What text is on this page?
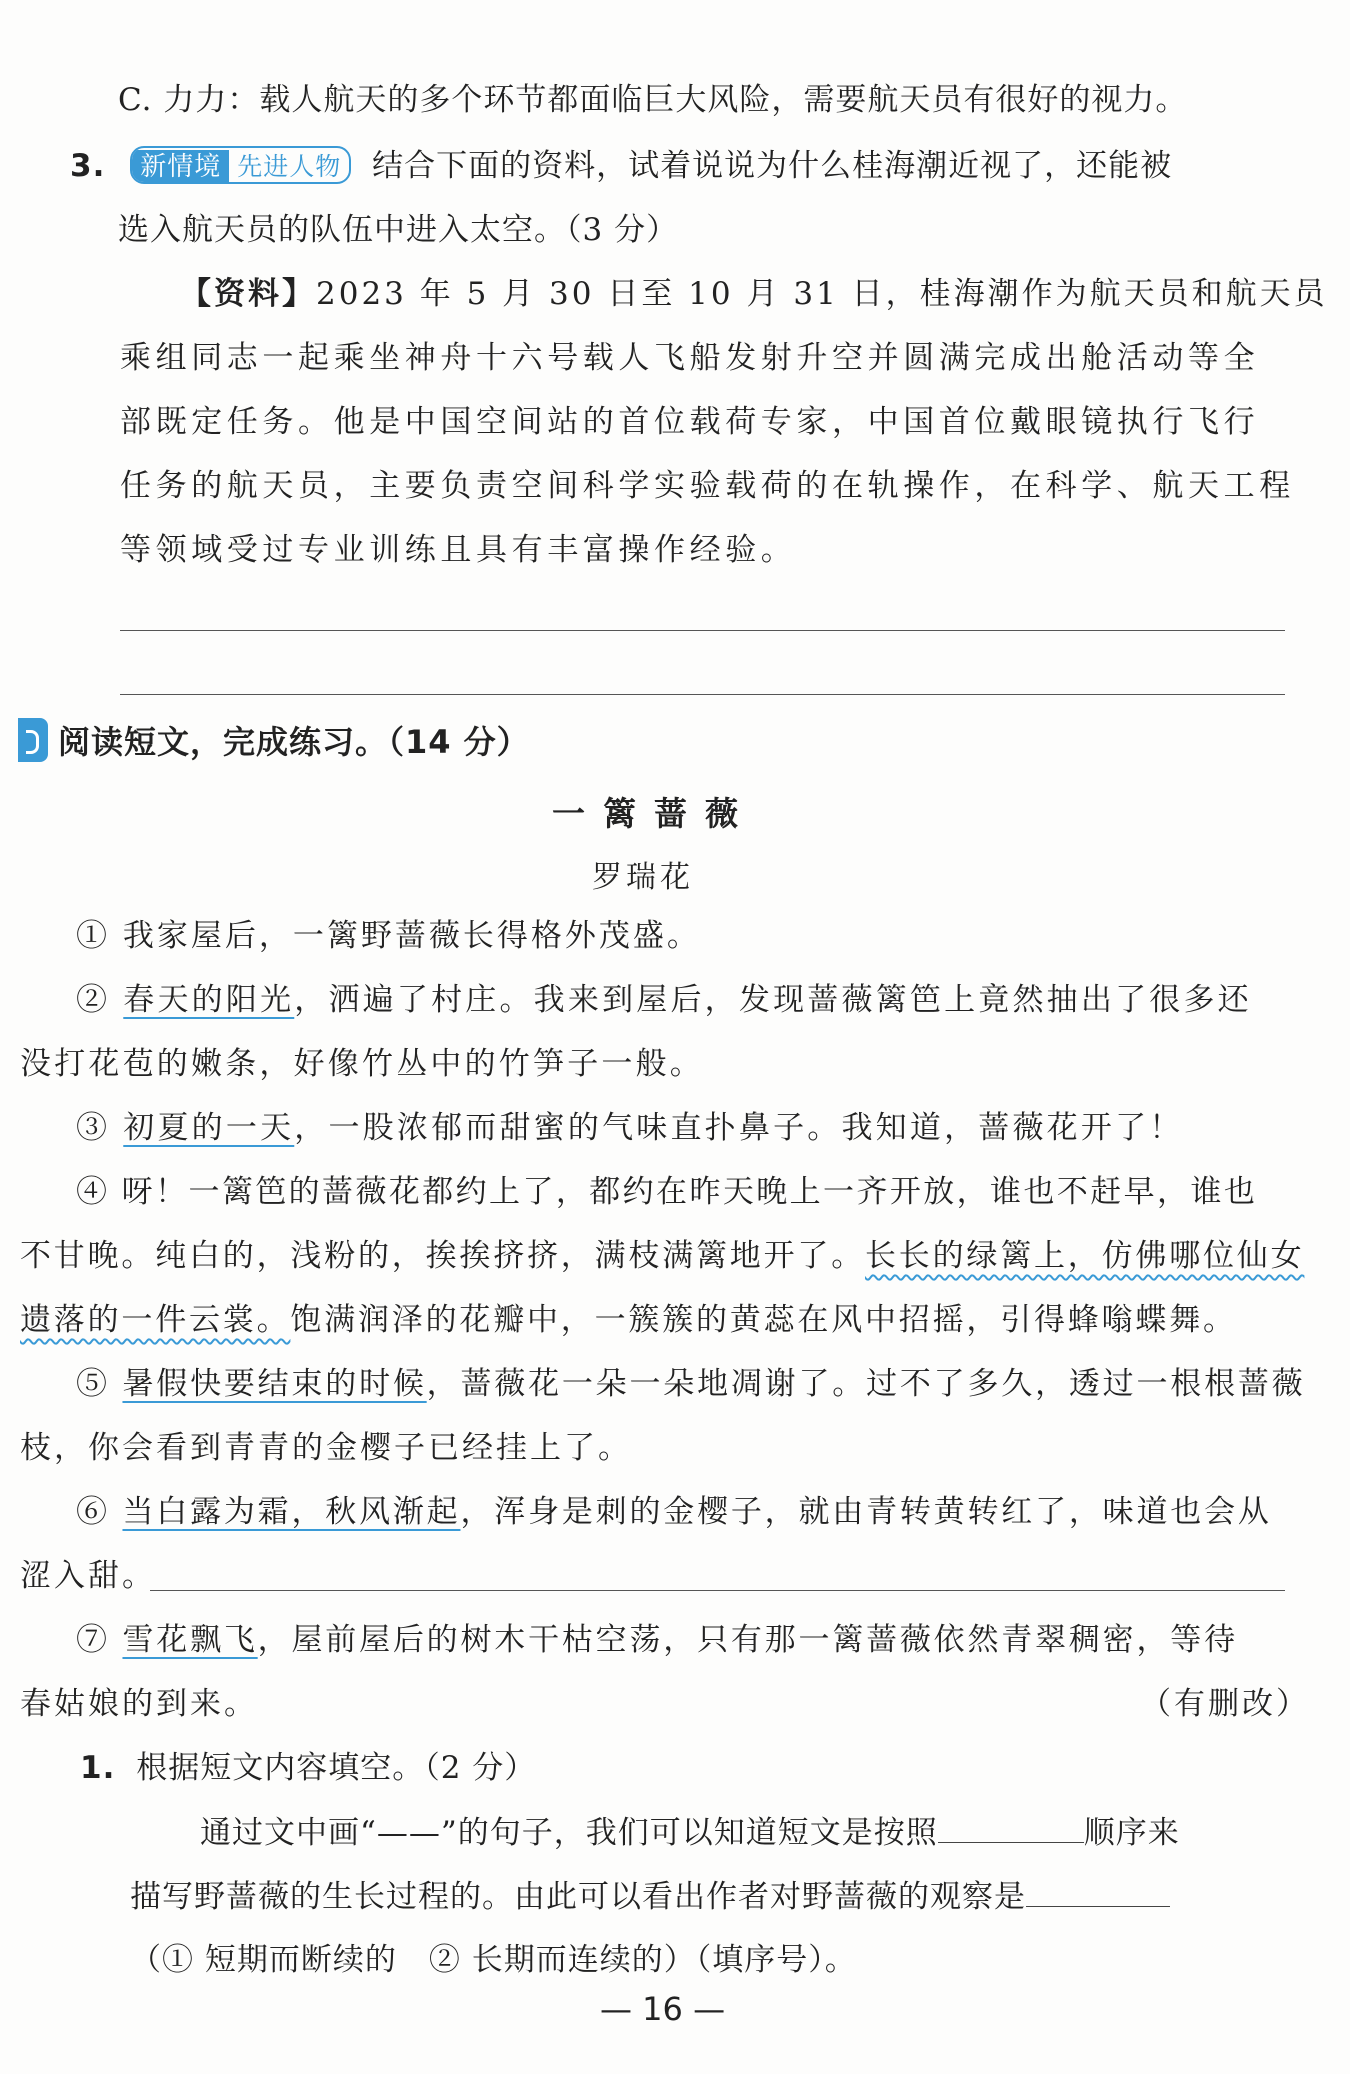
C. 力力：载人航天的多个环节都面临巨大风险，需要航天员有很好的视力。
3. 新情境 先进人物 结合下面的资料，试着说说为什么桂海潮近视了，还能被
选入航天员的队伍中进入太空。（3 分）
【资料】2023 年 5 月 30 日至 10 月 31 日，桂海潮作为航天员和航天员
乘组同志一起乘坐神舟十六号载人飞船发射升空并圆满完成出舱活动等全
部既定任务。他是中国空间站的首位载荷专家，中国首位戴眼镜执行飞行
任务的航天员，主要负责空间科学实验载荷的在轨操作，在科学、航天工程
等领域受过专业训练且具有丰富操作经验。
阅读短文，完成练习。（14 分）
一篱蔷薇
罗瑞花
① 我家屋后，一篱野蔷薇长得格外茂盛。
② 春天的阳光，洒遍了村庄。我来到屋后，发现蔷薇篱笆上竟然抽出了很多还
没打花苞的嫩条，好像竹丛中的竹笋子一般。
③ 初夏的一天，一股浓郁而甜蜜的气味直扑鼻子。我知道，蔷薇花开了！
④ 呀！一篱笆的蔷薇花都约上了，都约在昨天晚上一齐开放，谁也不赶早，谁也
不甘晚。纯白的，浅粉的，挨挨挤挤，满枝满篱地开了。长长的绿篱上，仿佛哪位仙女
遗落的一件云裳。饱满润泽的花瓣中，一簇簇的黄蕊在风中招摇，引得蜂嗡蝶舞。
⑤ 暑假快要结束的时候，蔷薇花一朵一朵地凋谢了。过不了多久，透过一根根蔷薇
枝，你会看到青青的金樱子已经挂上了。
⑥ 当白露为霜，秋风渐起，浑身是刺的金樱子，就由青转黄转红了，味道也会从
涩入甜。
⑦ 雪花飘飞，屋前屋后的树木干枯空荡，只有那一篱蔷薇依然青翠稠密，等待
春姑娘的到来。	（有删改）
1. 根据短文内容填空。（2 分）
通过文中画“——”的句子，我们可以知道短文是按照	顺序来
描写野蔷薇的生长过程的。由此可以看出作者对野蔷薇的观察是
（① 短期而断续的　② 长期而连续的）（填序号）。
— 16 —
